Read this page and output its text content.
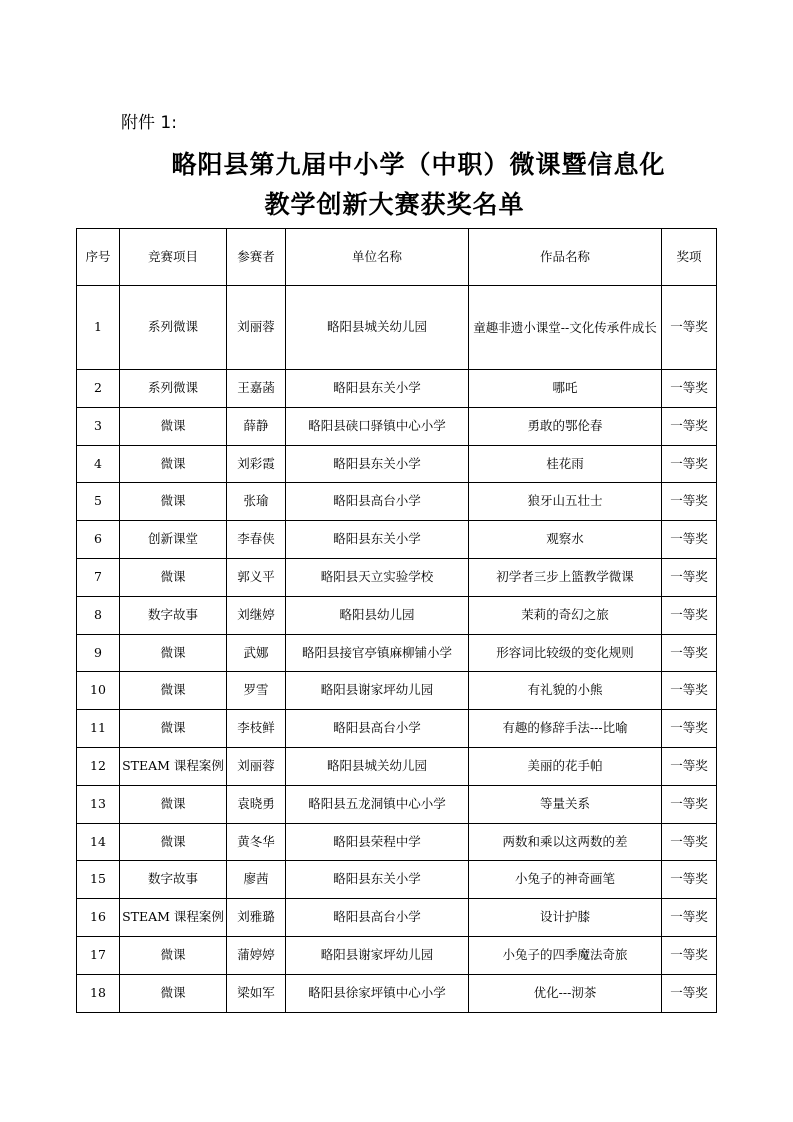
附件 1:
略阳县第九届中小学（中职）微课暨信息化
教学创新大赛获奖名单
序号	竞赛项目	参赛者	单位名称	作品名称	奖项
1	系列微课	刘丽蓉	略阳县城关幼儿园	童趣非遗小课堂--文化传承件成长	一等奖
2	系列微课	王嘉菡	略阳县东关小学	哪吒	一等奖
3	微课	薛静	略阳县硖口驿镇中心小学	勇敢的鄂伦春	一等奖
4	微课	刘彩霞	略阳县东关小学	桂花雨	一等奖
5	微课	张瑜	略阳县高台小学	狼牙山五壮士	一等奖
6	创新课堂	李春侠	略阳县东关小学	观察水	一等奖
7	微课	郭义平	略阳县天立实验学校	初学者三步上篮教学微课	一等奖
8	数字故事	刘继婷	略阳县幼儿园	茉莉的奇幻之旅	一等奖
9	微课	武娜	略阳县接官亭镇麻柳铺小学	形容词比较级的变化规则	一等奖
10	微课	罗雪	略阳县谢家坪幼儿园	有礼貌的小熊	一等奖
11	微课	李枝鲜	略阳县高台小学	有趣的修辞手法---比喻	一等奖
12	STEAM 课程案例	刘丽蓉	略阳县城关幼儿园	美丽的花手帕	一等奖
13	微课	袁晓勇	略阳县五龙洞镇中心小学	等量关系	一等奖
14	微课	黄冬华	略阳县荣程中学	两数和乘以这两数的差	一等奖
15	数字故事	廖茜	略阳县东关小学	小兔子的神奇画笔	一等奖
16	STEAM 课程案例	刘雅璐	略阳县高台小学	设计护膝	一等奖
17	微课	蒲婷婷	略阳县谢家坪幼儿园	小兔子的四季魔法奇旅	一等奖
18	微课	梁如军	略阳县徐家坪镇中心小学	优化---沏茶	一等奖
